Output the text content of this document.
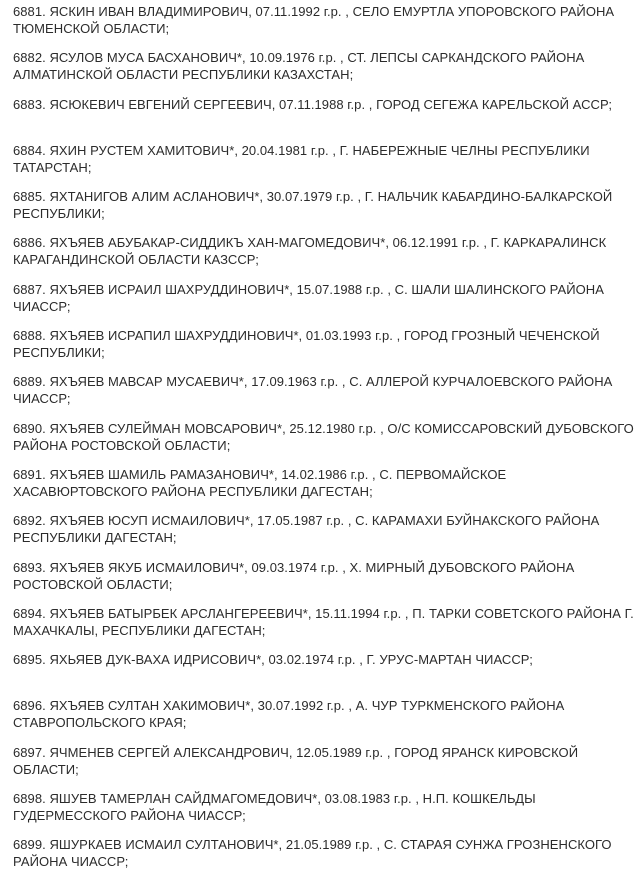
6881. ЯСКИН ИВАН ВЛАДИМИРОВИЧ, 07.11.1992 г.р. , СЕЛО ЕМУРТЛА УПОРОВСКОГО РАЙОНА ТЮМЕНСКОЙ ОБЛАСТИ;

6882. ЯСУЛОВ МУСА БАСХАНОВИЧ*, 10.09.1976 г.р. , СТ. ЛЕПСЫ САРКАНДСКОГО РАЙОНА АЛМАТИНСКОЙ ОБЛАСТИ РЕСПУБЛИКИ КАЗАХСТАН;

6883. ЯСЮКЕВИЧ ЕВГЕНИЙ СЕРГЕЕВИЧ, 07.11.1988 г.р. , ГОРОД СЕГЕЖА КАРЕЛЬСКОЙ АССР;

6884. ЯХИН РУСТЕМ ХАМИТОВИЧ*, 20.04.1981 г.р. , Г. НАБЕРЕЖНЫЕ ЧЕЛНЫ РЕСПУБЛИКИ ТАТАРСТАН;

6885. ЯХТАНИГОВ АЛИМ АСЛАНОВИЧ*, 30.07.1979 г.р. , Г. НАЛЬЧИК КАБАРДИНО-БАЛКАРСКОЙ РЕСПУБЛИКИ;

6886. ЯХЪЯЕВ АБУБАКАР-СИДДИКЪ ХАН-МАГОМЕДОВИЧ*, 06.12.1991 г.р. , Г. КАРКАРАЛИНСК КАРАГАНДИНСКОЙ ОБЛАСТИ КАЗССР;

6887. ЯХЪЯЕВ ИСРАИЛ ШАХРУДДИНОВИЧ*, 15.07.1988 г.р. , С. ШАЛИ ШАЛИНСКОГО РАЙОНА ЧИАССР;

6888. ЯХЪЯЕВ ИСРАПИЛ ШАХРУДДИНОВИЧ*, 01.03.1993 г.р. , ГОРОД ГРОЗНЫЙ ЧЕЧЕНСКОЙ РЕСПУБЛИКИ;

6889. ЯХЪЯЕВ МАВСАР МУСАЕВИЧ*, 17.09.1963 г.р. , С. АЛЛЕРОЙ КУРЧАЛОЕВСКОГО РАЙОНА ЧИАССР;

6890. ЯХЪЯЕВ СУЛЕЙМАН МОВСАРОВИЧ*, 25.12.1980 г.р. , О/С КОМИССАРОВСКИЙ ДУБОВСКОГО РАЙОНА РОСТОВСКОЙ ОБЛАСТИ;

6891. ЯХЪЯЕВ ШАМИЛЬ РАМАЗАНОВИЧ*, 14.02.1986 г.р. , С. ПЕРВОМАЙСКОЕ ХАСАВЮРТОВСКОГО РАЙОНА РЕСПУБЛИКИ ДАГЕСТАН;

6892. ЯХЪЯЕВ ЮСУП ИСМАИЛОВИЧ*, 17.05.1987 г.р. , С. КАРАМАХИ БУЙНАКСКОГО РАЙОНА РЕСПУБЛИКИ ДАГЕСТАН;

6893. ЯХЪЯЕВ ЯКУБ ИСМАИЛОВИЧ*, 09.03.1974 г.р. , Х. МИРНЫЙ ДУБОВСКОГО РАЙОНА РОСТОВСКОЙ ОБЛАСТИ;

6894. ЯХЪЯЕВ БАТЫРБЕК АРСЛАНГЕРЕЕВИЧ*, 15.11.1994 г.р. , П. ТАРКИ СОВЕТСКОГО РАЙОНА Г. МАХАЧКАЛЫ, РЕСПУБЛИКИ ДАГЕСТАН;

6895. ЯХЬЯЕВ ДУК-ВАХА ИДРИСОВИЧ*, 03.02.1974 г.р. , Г. УРУС-МАРТАН ЧИАССР;

6896. ЯХЪЯЕВ СУЛТАН ХАКИМОВИЧ*, 30.07.1992 г.р. , А. ЧУР ТУРКМЕНСКОГО РАЙОНА СТАВРОПОЛЬСКОГО КРАЯ;

6897. ЯЧМЕНЕВ СЕРГЕЙ АЛЕКСАНДРОВИЧ, 12.05.1989 г.р. , ГОРОД ЯРАНСК КИРОВСКОЙ ОБЛАСТИ;

6898. ЯШУЕВ ТАМЕРЛАН САЙДМАГОМЕДОВИЧ*, 03.08.1983 г.р. , Н.П. КОШКЕЛЬДЫ ГУДЕРМЕССКОГО РАЙОНА ЧИАССР;

6899. ЯШУРКАЕВ ИСМАИЛ СУЛТАНОВИЧ*, 21.05.1989 г.р. , С. СТАРАЯ СУНЖА ГРОЗНЕНСКОГО РАЙОНА ЧИАССР;
